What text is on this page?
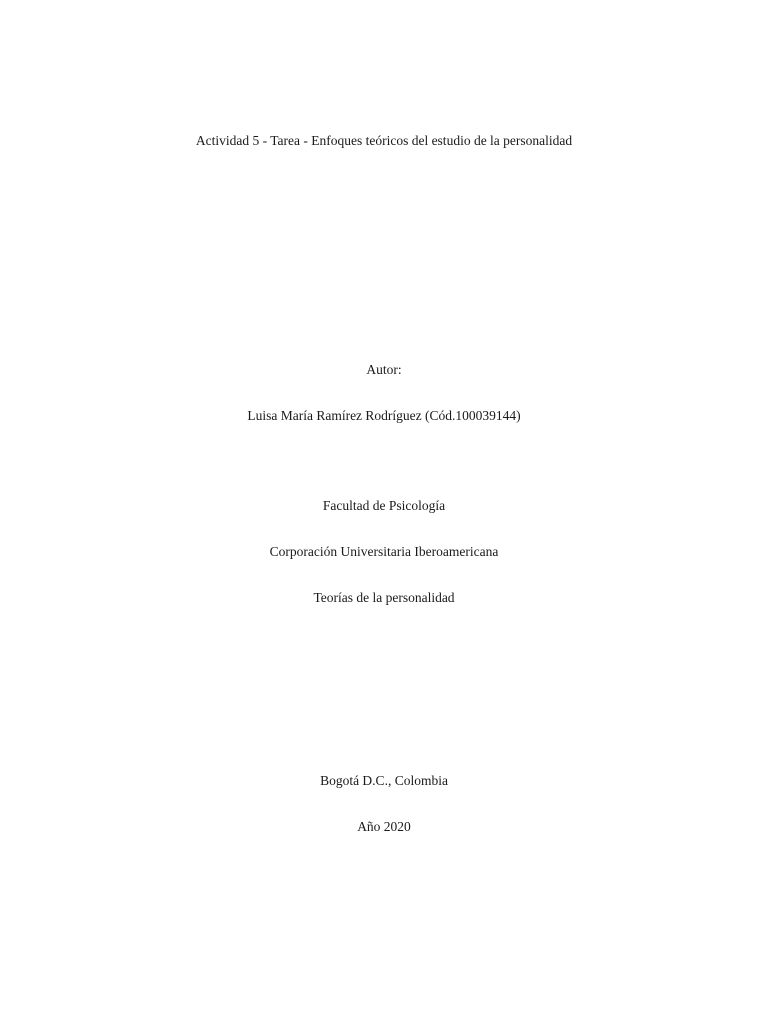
Actividad 5 - Tarea - Enfoques teóricos del estudio de la personalidad
Autor:
Luisa María Ramírez Rodríguez (Cód.100039144)
Facultad de Psicología
Corporación Universitaria Iberoamericana
Teorías de la personalidad
Bogotá D.C., Colombia
Año 2020
